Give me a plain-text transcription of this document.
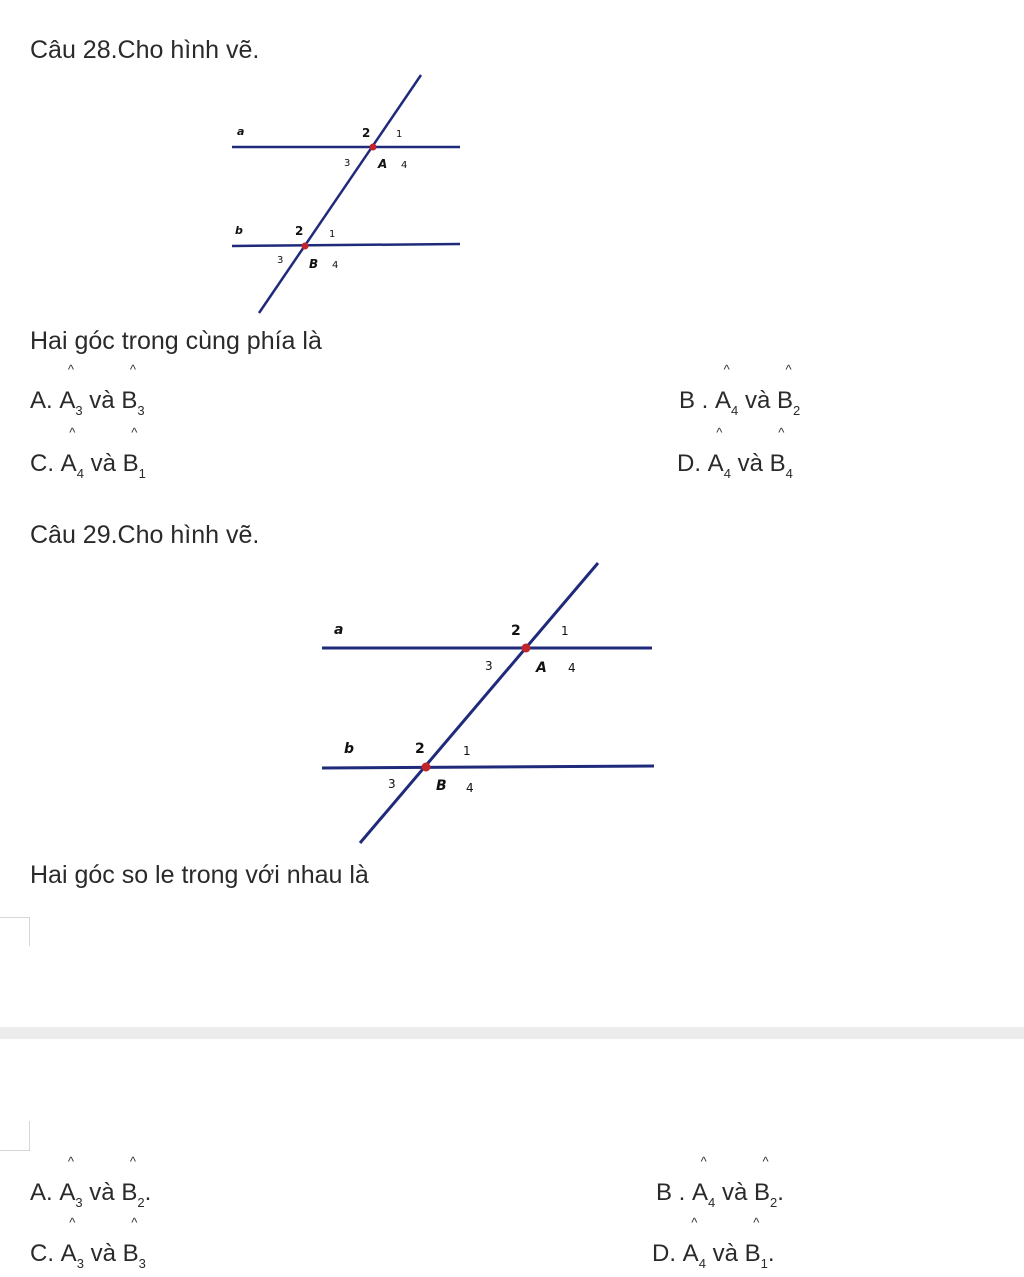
Câu 28.Cho hình vẽ.
a
b
A
B
2	1
3	4
2	1
3	4
Hai góc trong cùng phía là
A.
^
$A_3$ và
^
$B_3$	B .
^
$A_4$ và
^
$B_2$
C.
^
$A_4$ và
^
$B_1$	D.
^
$A_4$ và
^
$B_4$
Câu 29.Cho hình vẽ.
a
b
A
B
2	1
3	4
2	1
3	4
Hai góc so le trong với nhau là
A.
^
$A_3$ và
^
$B_2$.	B .
^
$A_4$ và
^
$B_2$.
C.
^
$A_3$ và
^
$B_3$	D.
^
$A_4$ và
^
$B_1$.
